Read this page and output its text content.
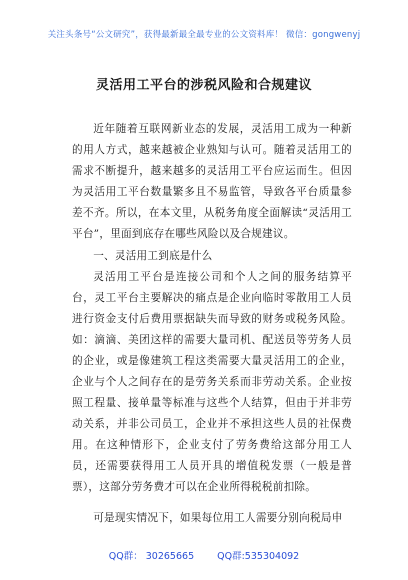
关注头条号“公文研究”，获得最新最全最专业的公文资料库！ 微信：gongwenyj
灵活用工平台的涉税风险和合规建议

近年随着互联网新业态的发展，灵活用工成为一种新的用人方式，越来越被企业熟知与认可。随着灵活用工的需求不断提升，越来越多的灵活用工平台应运而生。但因为灵活用工平台数量繁多且不易监管，导致各平台质量参差不齐。所以，在本文里，从税务角度全面解读“灵活用工平台”，里面到底存在哪些风险以及合规建议。

一、灵活用工到底是什么

灵活用工平台是连接公司和个人之间的服务结算平台，灵工平台主要解决的痛点是企业向临时零散用工人员进行资金支付后费用票据缺失而导致的财务或税务风险。如：滴滴、美团这样的需要大量司机、配送员等劳务人员的企业，或是像建筑工程这类需要大量灵活用工的企业，企业与个人之间存在的是劳务关系而非劳动关系。企业按照工程量、接单量等标准与这些个人结算，但由于并非劳动关系，并非公司员工，企业并不承担这些人员的社保费用。在这种情形下，企业支付了劳务费给这部分用工人员，还需要获得用工人员开具的增值税发票（一般是普票），这部分劳务费才可以在企业所得税税前扣除。

可是现实情况下，如果每位用工人需要分别向税局申

QQ群： 30265665 QQ群:535304092
